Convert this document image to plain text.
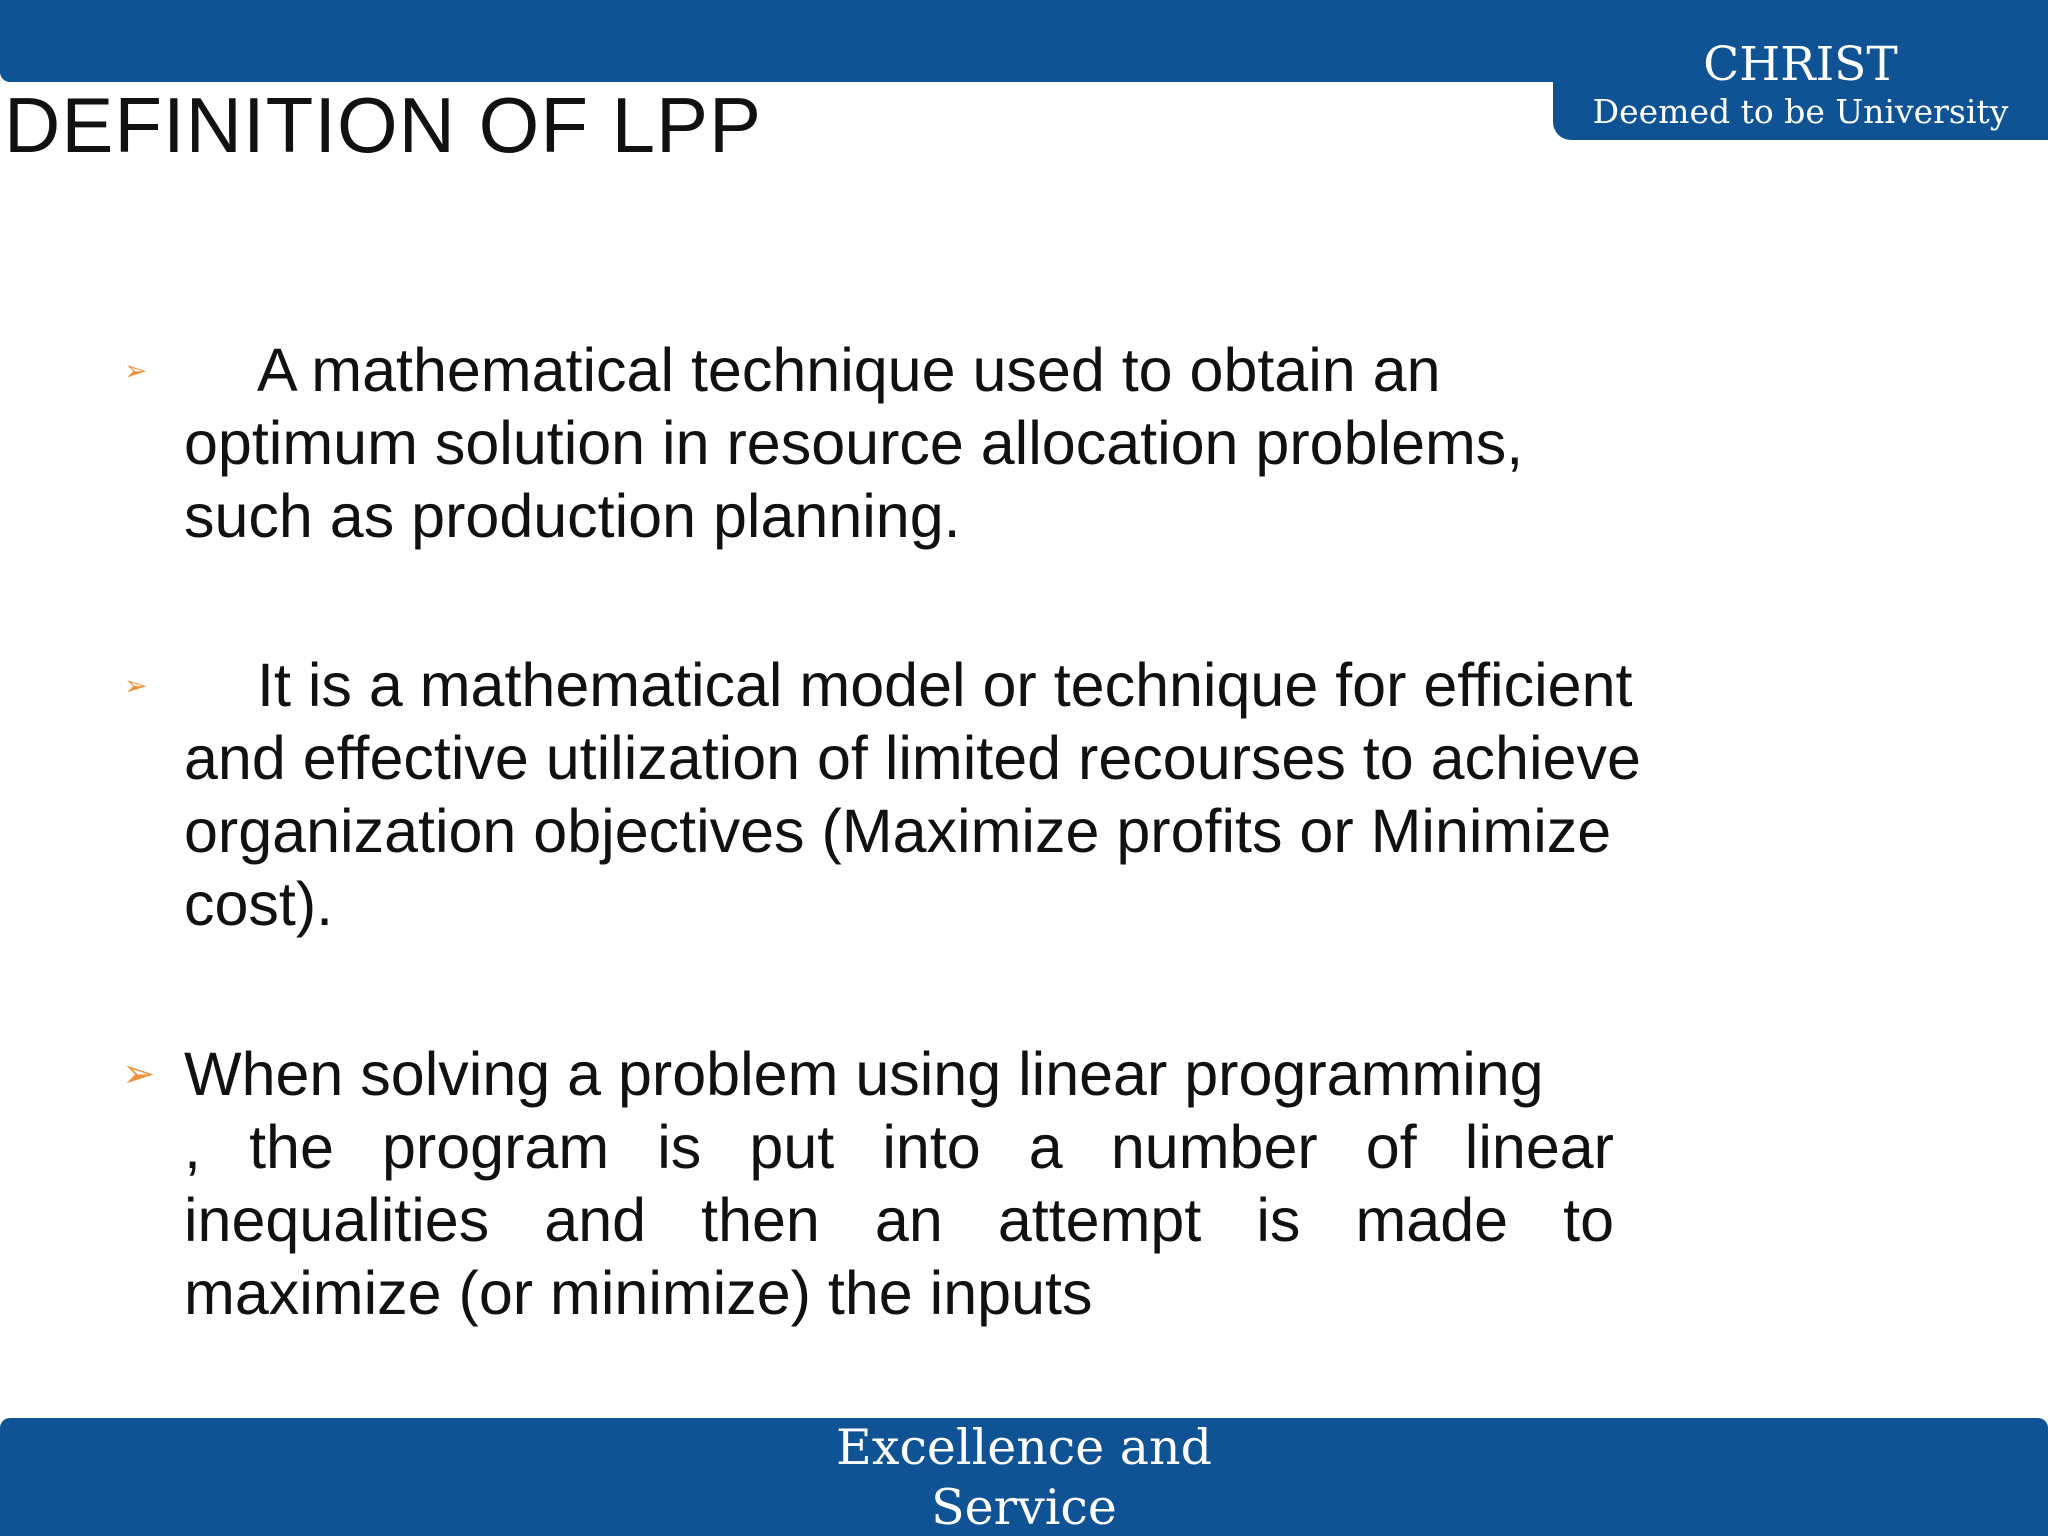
CHRIST
Deemed to be University
DEFINITION OF LPP
➢	A mathematical technique used to obtain an
optimum solution in resource allocation problems,
such as production planning.
➢	It is a mathematical model or technique for efficient
and effective utilization of limited recourses to achieve
organization objectives (Maximize profits or Minimize
cost).
➢ When solving a problem using linear programming
, the program is put into a number of linear
inequalities and then an attempt is made to
maximize (or minimize) the inputs
Excellence and
Service
